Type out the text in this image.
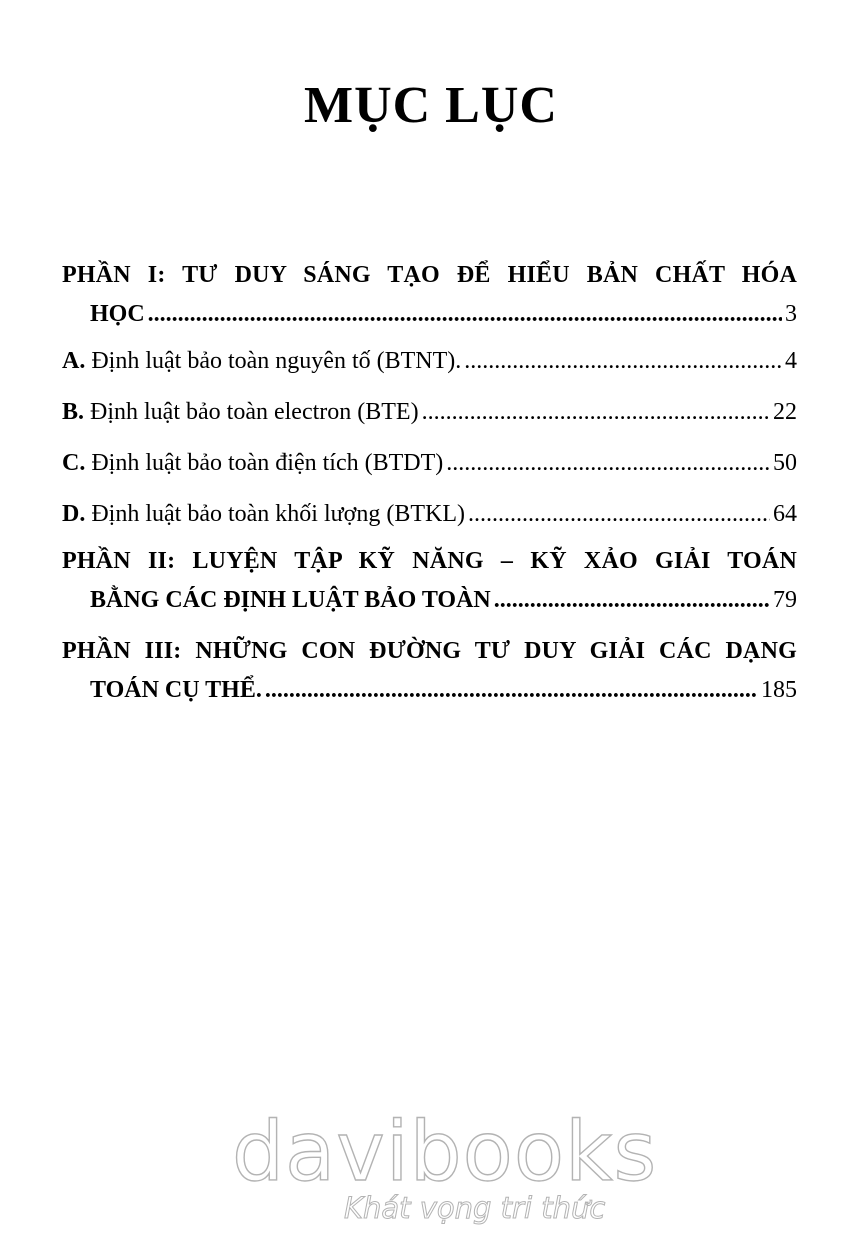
MỤC LỤC
PHẦN I: TƯ DUY SÁNG TẠO ĐỂ HIỂU BẢN CHẤT HÓA
HỌC .....	3
A. Định luật bảo toàn nguyên tố (BTNT). .....	4
B. Định luật bảo toàn electron (BTE) .....	22
C. Định luật bảo toàn điện tích (BTDT) .....	50
D. Định luật bảo toàn khối lượng (BTKL) .....	64
PHẦN II: LUYỆN TẬP KỸ NĂNG – KỸ XẢO GIẢI TOÁN
BẰNG CÁC ĐỊNH LUẬT BẢO TOÀN .....	79
PHẦN III: NHỮNG CON ĐƯỜNG TƯ DUY GIẢI CÁC DẠNG
TOÁN CỤ THỂ. .....	185
davibooks
Khát vọng tri thức
